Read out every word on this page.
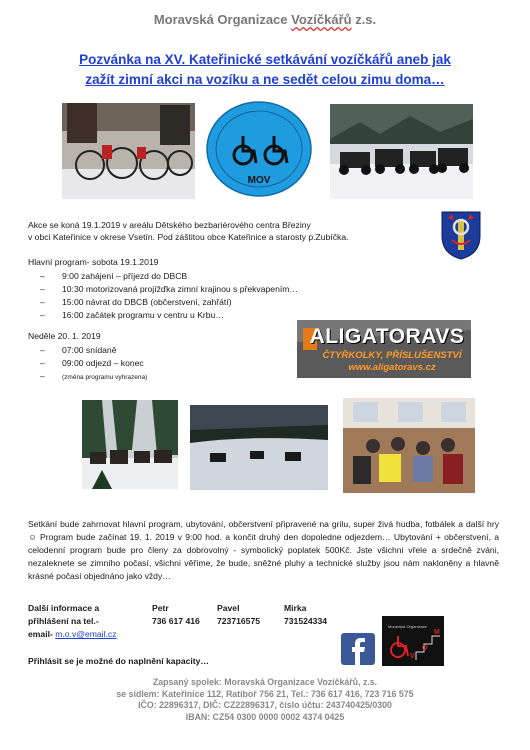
Moravská Organizace Vozíčkářů z.s.
Pozvánka na XV. Kateřinické setkávání vozíčkářů aneb jak
zažít zimní akci na vozíku a ne sedět celou zimu doma…
MOV
Akce se koná 19.1.2019 v areálu Dětského bezbariérového centra Březiny
v obci Kateřinice v okrese Vsetín. Pod záštitou obce Kateřinice a starosty p.Zubíčka.
Hlavní program- sobota 19.1.2019
– 9:00 zahájení – příjezd do DBCB
– 10:30 motorizovaná projížďka zimní krajinou s překvapením…
– 15:00 návrat do DBCB (občerstvení, zahřátí)
– 16:00 začátek programu v centru u Krbu…
Neděle 20. 1. 2019
– 07:00 snídaně
– 09:00 odjezd – konec
– (změna programu vyhrazena)
ALIGATORAVS
ČTYŘKOLKY, PŘÍSLUŠENSTVÍ
www.aligatoravs.cz
Setkání bude zahrnovat hlavní program, ubytování, občerstvení připravené na grilu, super živá hudba, fotbálek a další hry ☺ Program bude začínat 19. 1. 2019 v 9:00 hod. a končit druhý den dopoledne odjezdem… Ubytování + občerstvení, a celodenní program bude pro členy za dobrovolný - symbolický poplatek 500Kč. Jste všichni vřele a srdečně zváni, nezaleknete se zimního počasí, všichni věříme, že bude, sněžné pluhy a technické služby jsou nám nakloněny a hlavně krásné počasí objednáno jako vždy…
Další informace a	Petr	Pavel	Mirka
přihlášení na tel.-	736 617 416 723716575	731524334
email- m.o.v@email.cz
Přihlásit se je možné do naplnění kapacity…
Moravská Organizace
V
O
M
Zapsaný spolek: Moravská Organizace Vozíčkářů, z.s.
se sídlem: Kateřinice 112, Ratiboř 756 21, Tel.: 736 617 416, 723 716 575
IČO: 22896317, DIČ: CZ22896317, číslo účtu: 243740425/0300
IBAN: CZ54 0300 0000 0002 4374 0425
